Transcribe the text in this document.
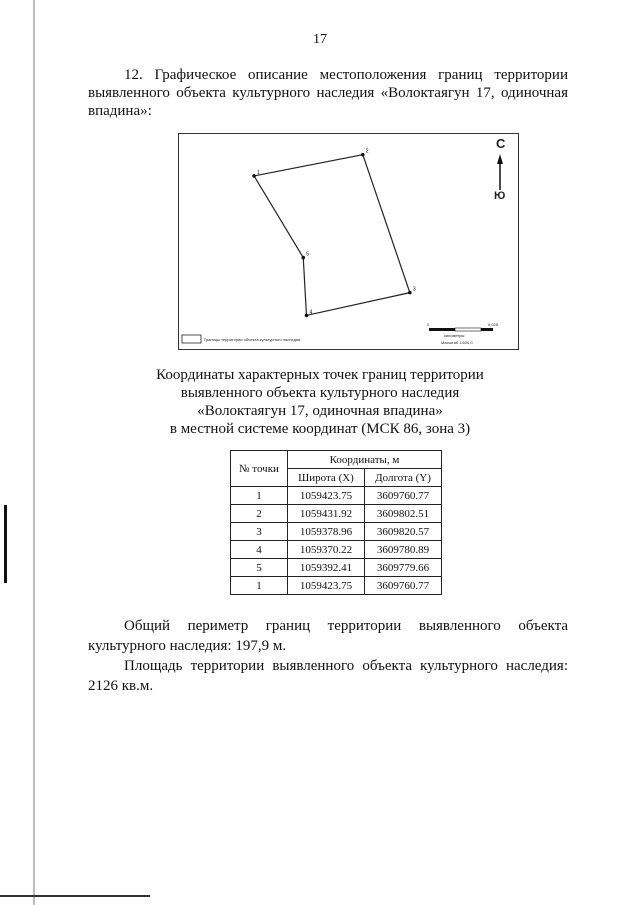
17
12. Графическое описание местоположения границ территории выявленного объекта культурного наследия «Волоктаягун 17, одиночная впадина»:
1
2
3
4
5
С
Ю
Границы территории объекта культурного наследия
0	0,025
километры
Масштаб 1:600,0
Координаты характерных точек границ территории
выявленного объекта культурного наследия
«Волоктаягун 17, одиночная впадина»
в местной системе координат (МСК 86, зона 3)
№ точки	Координаты, м	
	Широта (X)	Долгота (Y)
1	1059423.75	3609760.77
2	1059431.92	3609802.51
3	1059378.96	3609820.57
4	1059370.22	3609780.89
5	1059392.41	3609779.66
1	1059423.75	3609760.77
Общий периметр границ территории выявленного объекта культурного наследия: 197,9 м.
Площадь территории выявленного объекта культурного наследия: 2126 кв.м.
